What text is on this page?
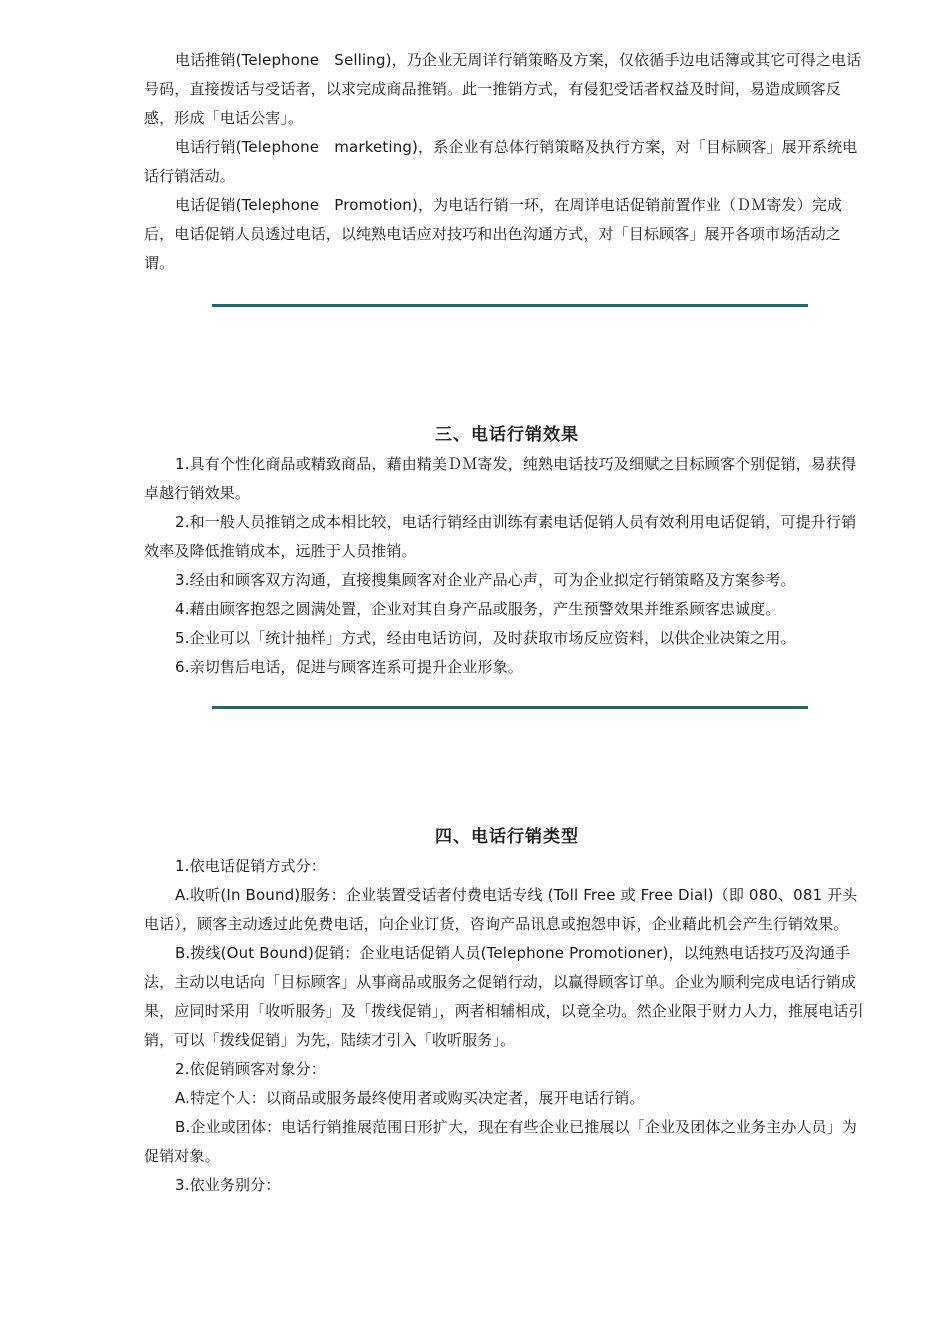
电话推销(Telephone　Selling)，乃企业无周详行销策略及方案，仅依循手边电话簿或其它可得之电话号码，直接拨话与受话者，以求完成商品推销。此一推销方式，有侵犯受话者权益及时间，易造成顾客反感，形成「电话公害」。

电话行销(Telephone　marketing)，系企业有总体行销策略及执行方案，对「目标顾客」展开系统电话行销活动。

电话促销(Telephone　Promotion)，为电话行销一环，在周详电话促销前置作业（ＤＭ寄发）完成后，电话促销人员透过电话，以纯熟电话应对技巧和出色沟通方式，对「目标顾客」展开各项市场活动之谓。

三、电话行销效果

1.具有个性化商品或精致商品，藉由精美ＤＭ寄发，纯熟电话技巧及细赋之目标顾客个别促销，易获得卓越行销效果。

2.和一般人员推销之成本相比较，电话行销经由训练有素电话促销人员有效利用电话促销，可提升行销效率及降低推销成本，远胜于人员推销。

3.经由和顾客双方沟通，直接搜集顾客对企业产品心声，可为企业拟定行销策略及方案参考。

4.藉由顾客抱怨之圆满处置，企业对其自身产品或服务，产生预警效果并维系顾客忠诚度。

5.企业可以「统计抽样」方式，经由电话访问，及时获取市场反应资料，以供企业决策之用。

6.亲切售后电话，促进与顾客连系可提升企业形象。

四、电话行销类型

1.依电话促销方式分：

A.收听(In Bound)服务：企业装置受话者付费电话专线 (Toll Free 或 Free Dial)（即 080、081 开头电话），顾客主动透过此免费电话，向企业订货，咨询产品讯息或抱怨申诉，企业藉此机会产生行销效果。

B.拨线(Out Bound)促销：企业电话促销人员(Telephone Promotioner)，以纯熟电话技巧及沟通手法，主动以电话向「目标顾客」从事商品或服务之促销行动，以赢得顾客订单。企业为顺利完成电话行销成果，应同时采用「收听服务」及「拨线促销」，两者相辅相成，以竟全功。然企业限于财力人力，推展电话引销，可以「拨线促销」为先，陆续才引入「收听服务」。

2.依促销顾客对象分：

A.特定个人：以商品或服务最终使用者或购买决定者，展开电话行销。

B.企业或团体：电话行销推展范围日形扩大，现在有些企业已推展以「企业及团体之业务主办人员」为促销对象。

3.依业务别分：
